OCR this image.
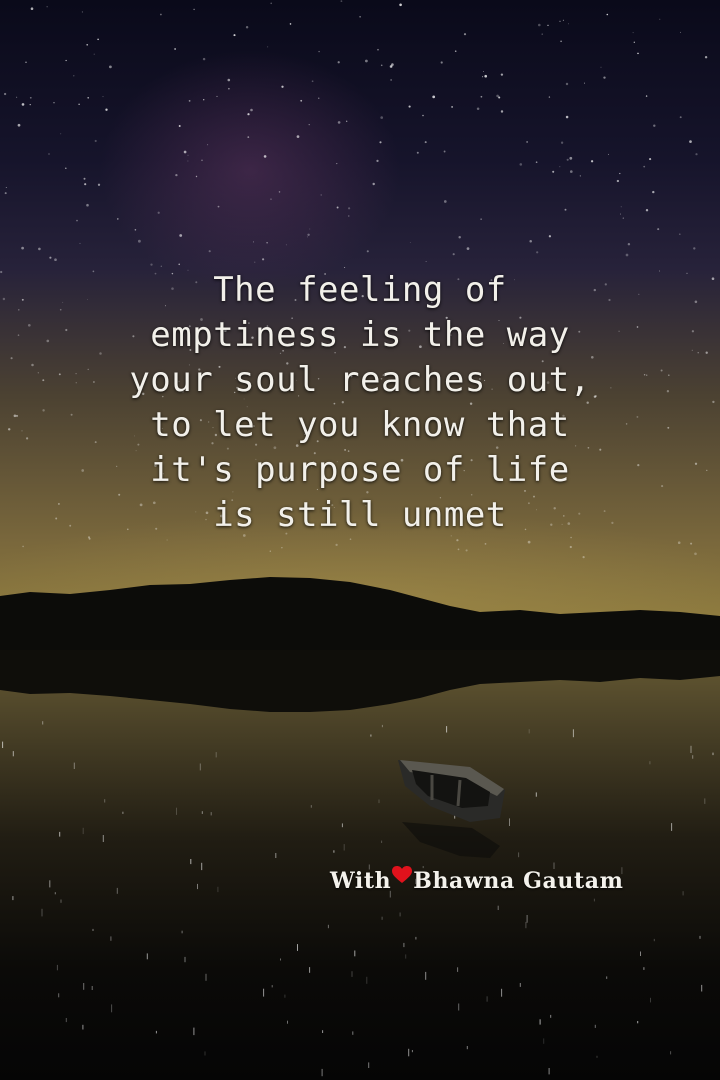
The feeling of
emptiness is the way
your soul reaches out,
to let you know that
it's purpose of life
is still unmet
With Bhawna Gautam
